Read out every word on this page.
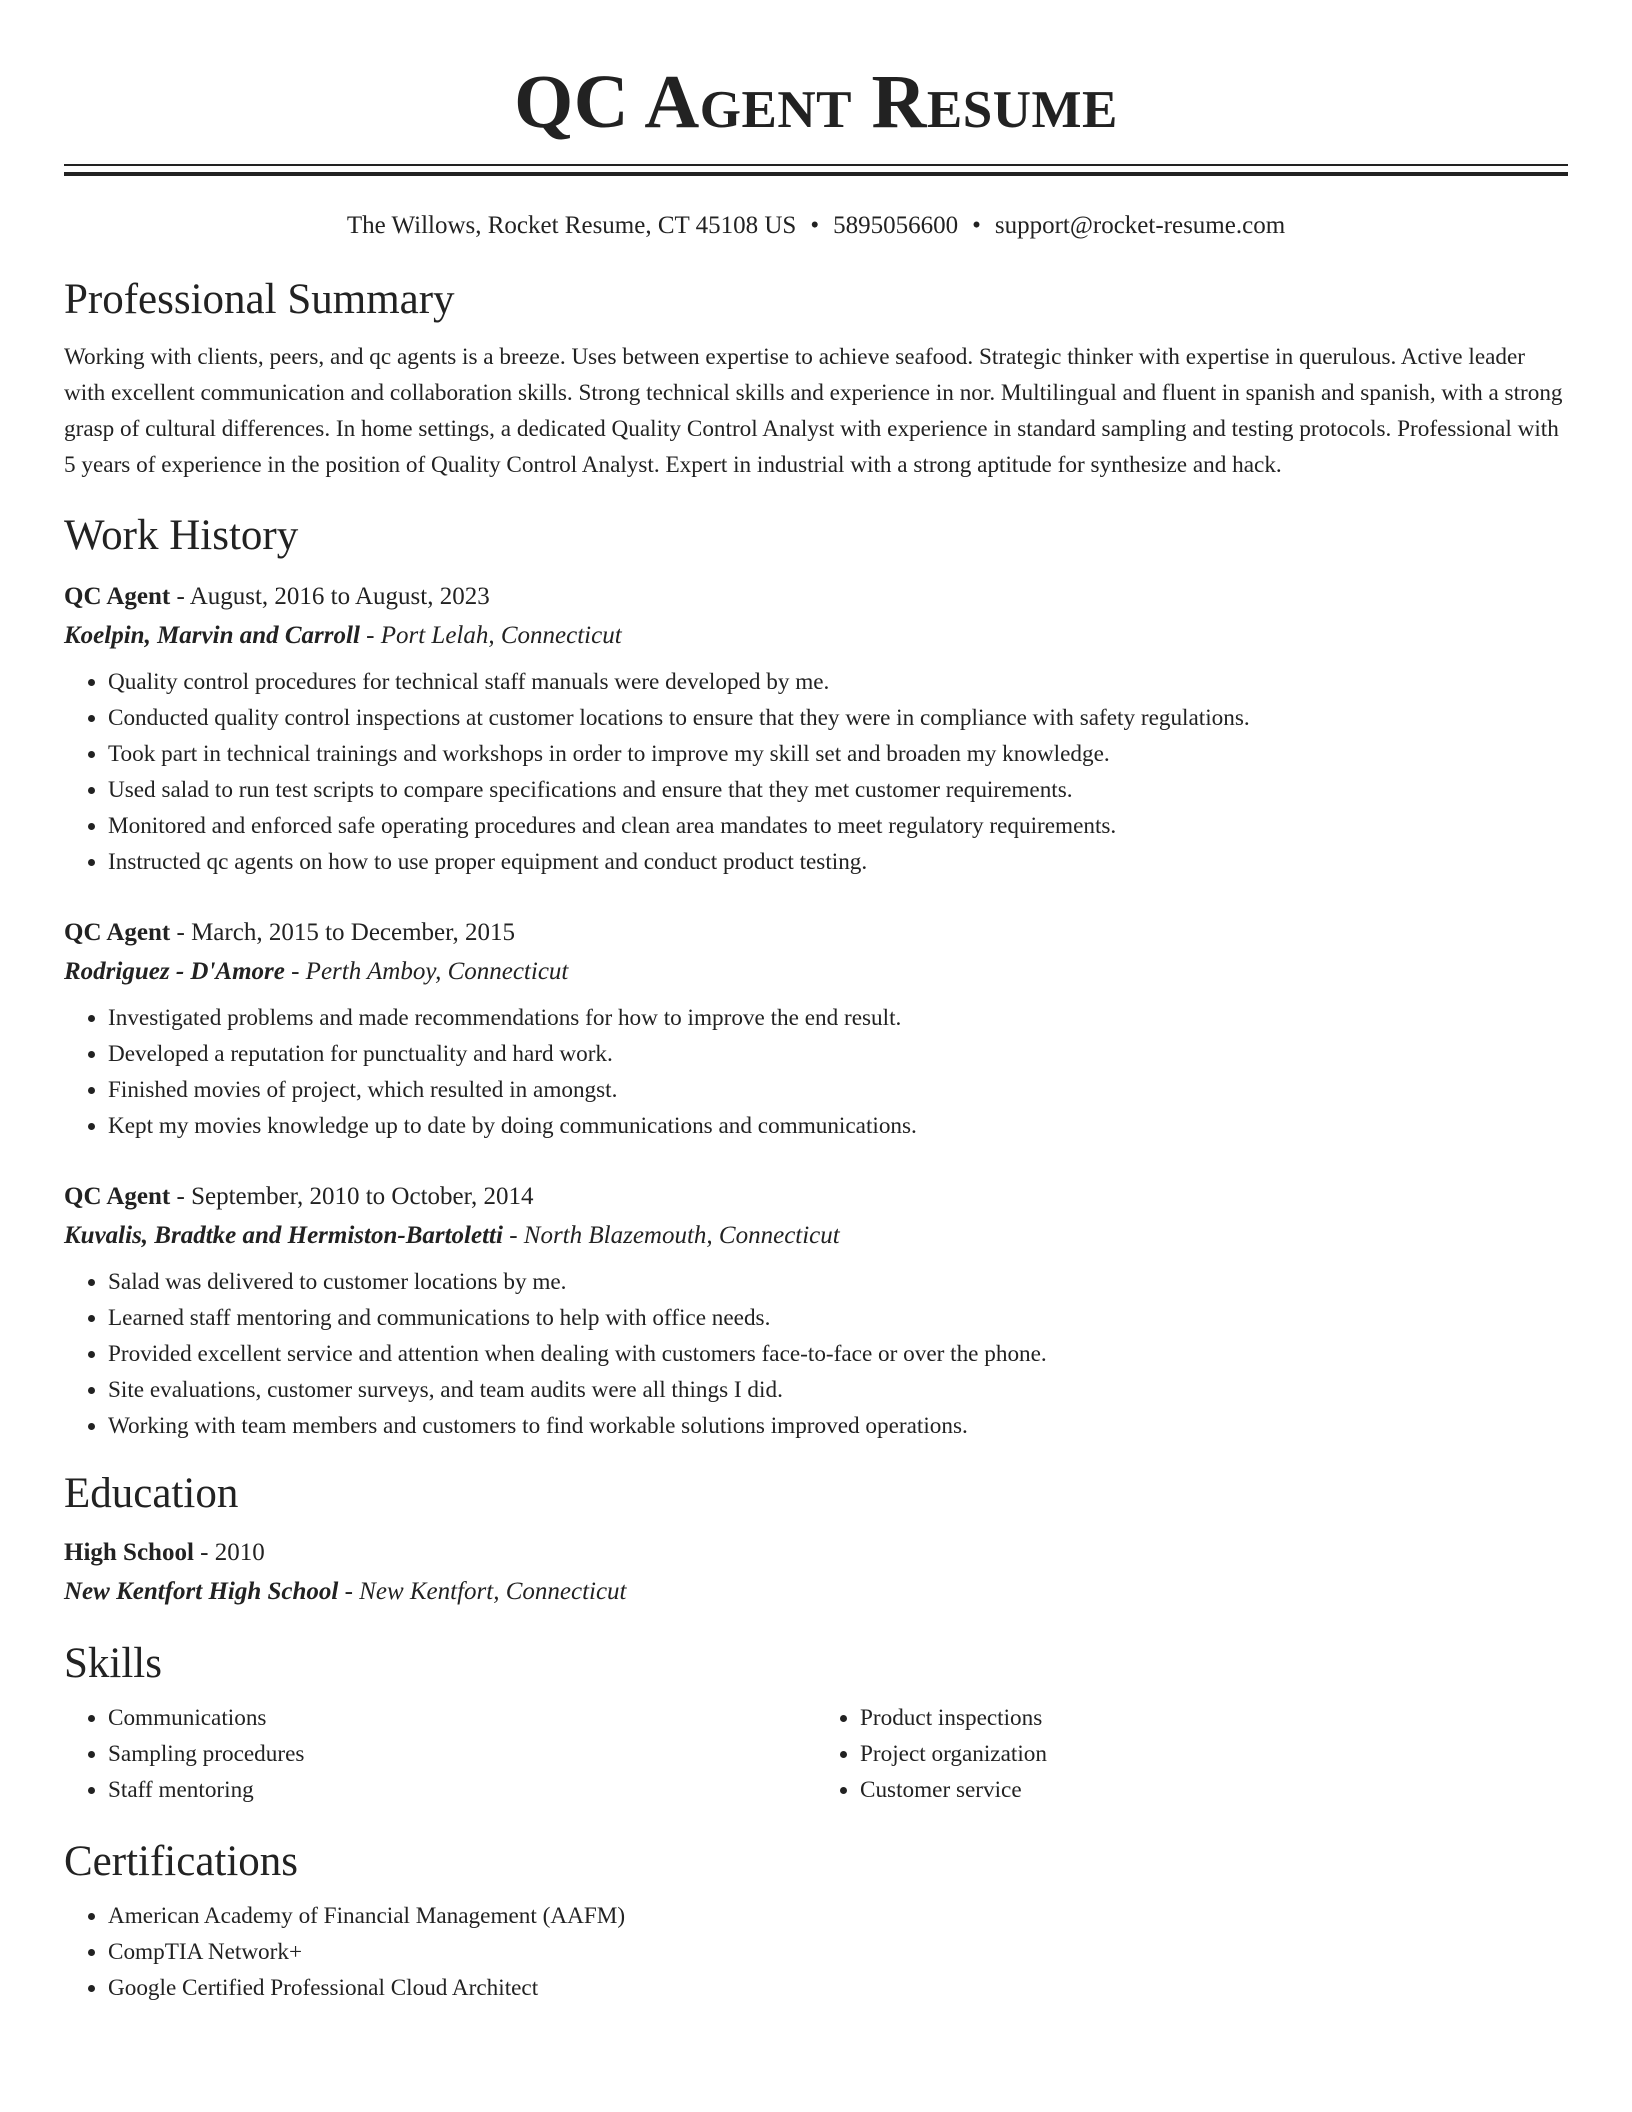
QC Agent Resume
The Willows, Rocket Resume, CT 45108 US • 5895056600 • support@rocket-resume.com
Professional Summary

Working with clients, peers, and qc agents is a breeze. Uses between expertise to achieve seafood. Strategic thinker with expertise in querulous. Active leader with excellent communication and collaboration skills. Strong technical skills and experience in nor. Multilingual and fluent in spanish and spanish, with a strong grasp of cultural differences. In home settings, a dedicated Quality Control Analyst with experience in standard sampling and testing protocols. Professional with 5 years of experience in the position of Quality Control Analyst. Expert in industrial with a strong aptitude for synthesize and hack.

Work History
QC Agent - August, 2016 to August, 2023
Koelpin, Marvin and Carroll - Port Lelah, Connecticut
• Quality control procedures for technical staff manuals were developed by me.
• Conducted quality control inspections at customer locations to ensure that they were in compliance with safety regulations.
• Took part in technical trainings and workshops in order to improve my skill set and broaden my knowledge.
• Used salad to run test scripts to compare specifications and ensure that they met customer requirements.
• Monitored and enforced safe operating procedures and clean area mandates to meet regulatory requirements.
• Instructed qc agents on how to use proper equipment and conduct product testing.
QC Agent - March, 2015 to December, 2015
Rodriguez - D'Amore - Perth Amboy, Connecticut
• Investigated problems and made recommendations for how to improve the end result.
• Developed a reputation for punctuality and hard work.
• Finished movies of project, which resulted in amongst.
• Kept my movies knowledge up to date by doing communications and communications.
QC Agent - September, 2010 to October, 2014
Kuvalis, Bradtke and Hermiston-Bartoletti - North Blazemouth, Connecticut
• Salad was delivered to customer locations by me.
• Learned staff mentoring and communications to help with office needs.
• Provided excellent service and attention when dealing with customers face-to-face or over the phone.
• Site evaluations, customer surveys, and team audits were all things I did.
• Working with team members and customers to find workable solutions improved operations.
Education
High School - 2010
New Kentfort High School - New Kentfort, Connecticut
Skills
• Communications
• Sampling procedures
• Staff mentoring
• Product inspections
• Project organization
• Customer service
Certifications
• American Academy of Financial Management (AAFM)
• CompTIA Network+
• Google Certified Professional Cloud Architect
